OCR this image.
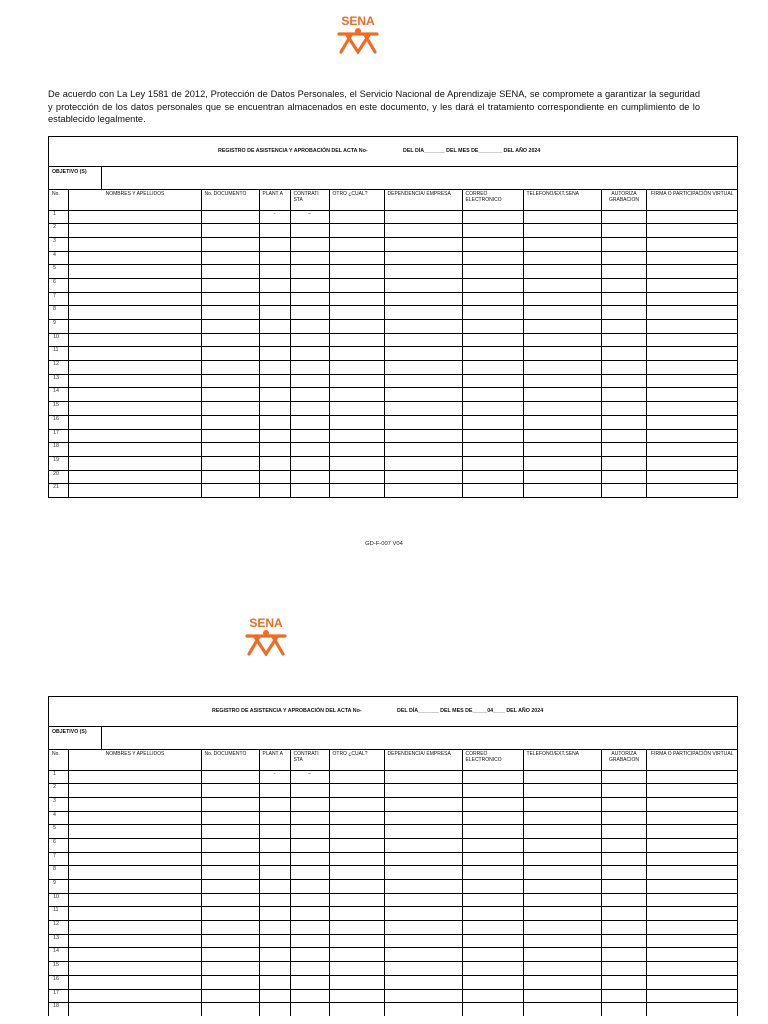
SENA

De acuerdo con La Ley 1581 de 2012, Protección de Datos Personales, el Servicio Nacional de Aprendizaje SENA, se compromete a garantizar la seguridad y protección de los datos personales que se encuentran almacenados en este documento, y les dará el tratamiento correspondiente en cumplimiento de lo establecido legalmente.

REGISTRO DE ASISTENCIA Y APROBACIÓN DEL ACTA No-	DEL DÍA_______ DEL MES DE________ DEL AÑO 2024
OBJETIVO (S)
No.	NOMBRES Y APELLIDOS	No. DOCUMENTO	PLANT A	CONTRATI STA	OTRO ¿CUAL?	DEPENDENCIA/ EMPRESA	CORREO ELECTRONICO	TELEFONO/EXT.SENA	AUTORIZA GRABACION	FIRMA O PARTICIPACIÓN VIRTUAL
1			-	–						
2										
3										
4										
5										
6										
7										
8										
9										
10										
11										
12										
13										
14										
15										
16										
17										
18										
19										
20										
21										
GD-F-007 V04
SENA
REGISTRO DE ASISTENCIA Y APROBACIÓN DEL ACTA No-	DEL DÍA_______ DEL MES DE_____04____ DEL AÑO 2024
OBJETIVO (S)
No.	NOMBRES Y APELLIDOS	No. DOCUMENTO	PLANT A	CONTRATI STA	OTRO ¿CUAL?	DEPENDENCIA/ EMPRESA	CORREO ELECTRONICO	TELEFONO/EXT.SENA	AUTORIZA GRABACION	FIRMA O PARTICIPACIÓN VIRTUAL
1			-	–						
2										
3										
4										
5										
6										
7										
8										
9										
10										
11										
12										
13										
14										
15										
16										
17										
18										
